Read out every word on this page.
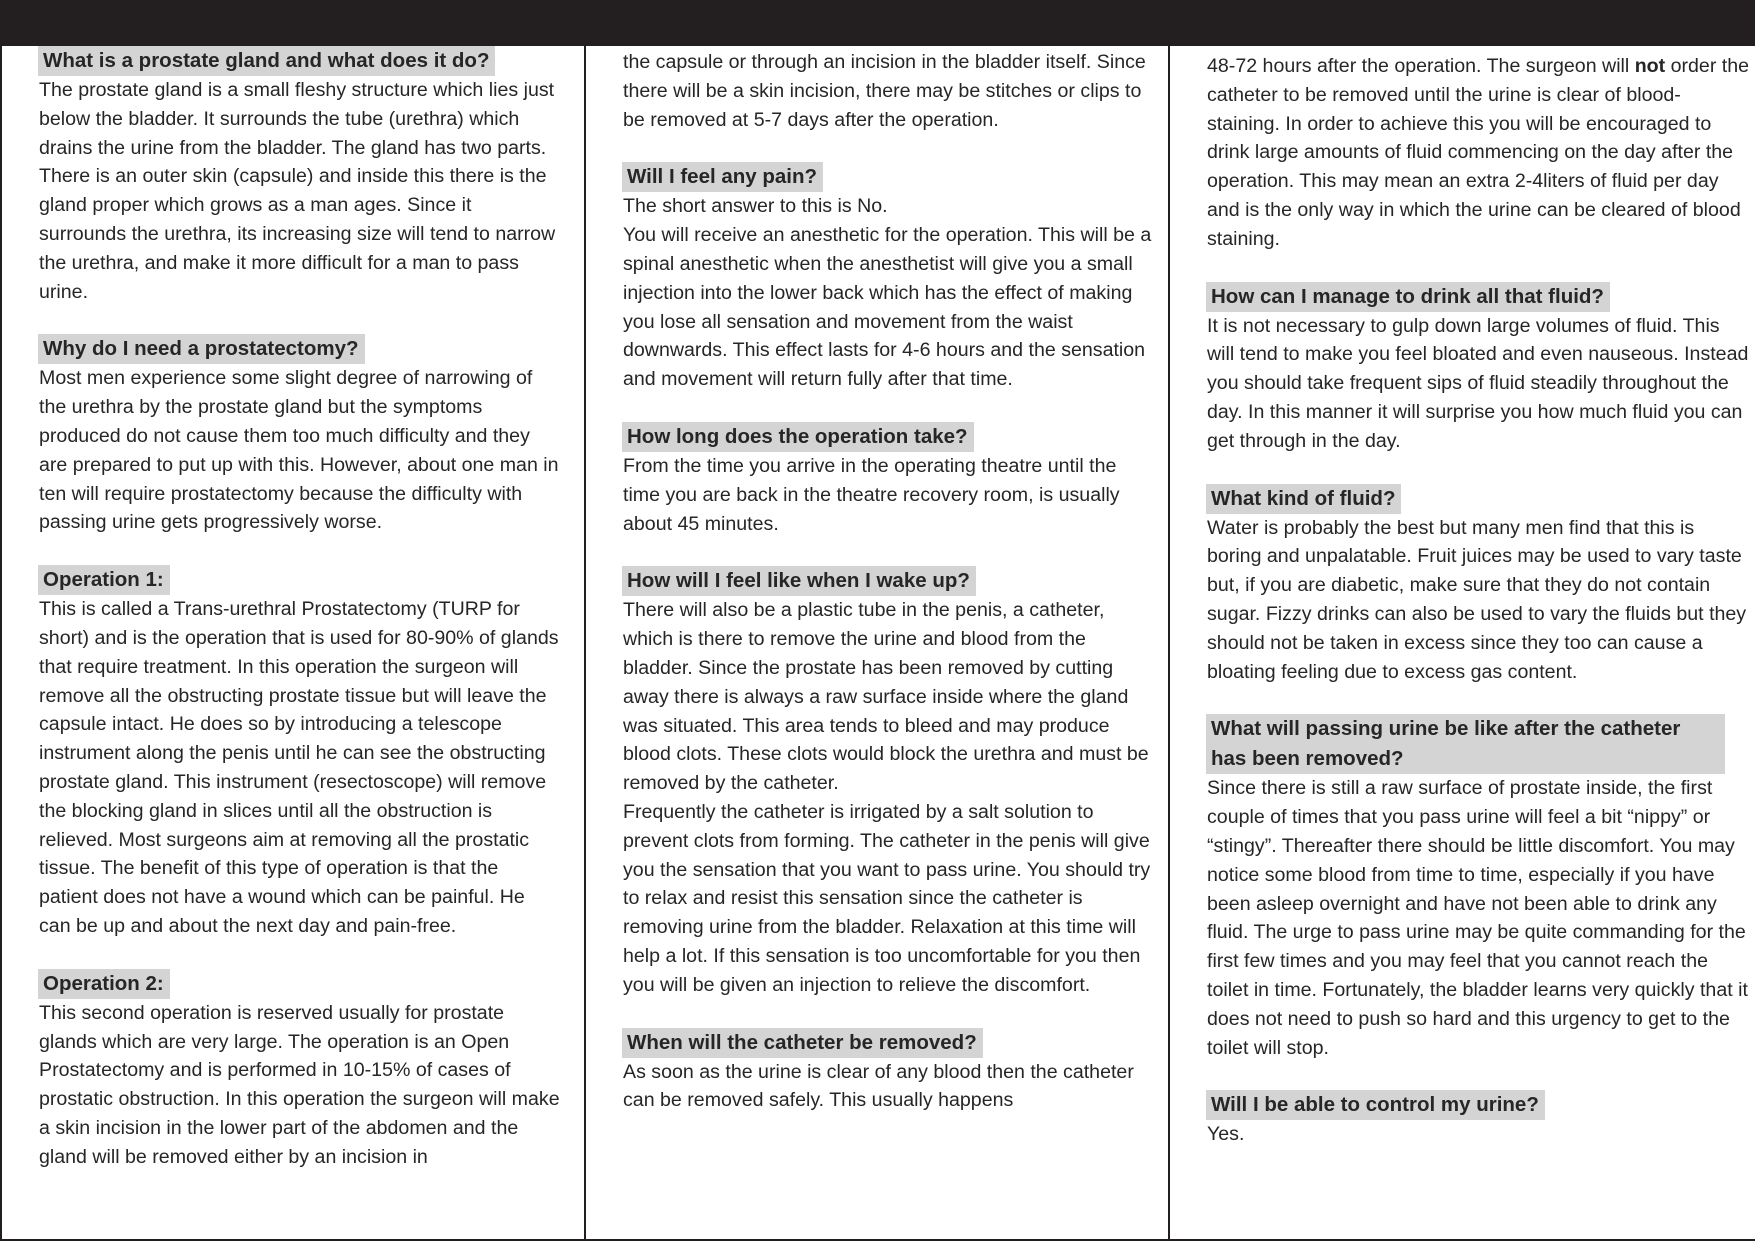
What is a prostate gland and what does it do?

The prostate gland is a small fleshy structure which lies just below the bladder. It surrounds the tube (urethra) which drains the urine from the bladder. The gland has two parts. There is an outer skin (capsule) and inside this there is the gland proper which grows as a man ages. Since it surrounds the urethra, its increasing size will tend to narrow the urethra, and make it more difficult for a man to pass urine.

Why do I need a prostatectomy?

Most men experience some slight degree of narrowing of the urethra by the prostate gland but the symptoms produced do not cause them too much difficulty and they are prepared to put up with this. However, about one man in ten will require prostatectomy because the difficulty with passing urine gets progressively worse.

Operation 1:

This is called a Trans-urethral Prostatectomy (TURP for short) and is the operation that is used for 80-90% of glands that require treatment. In this operation the surgeon will remove all the obstructing prostate tissue but will leave the capsule intact. He does so by introducing a telescope instrument along the penis until he can see the obstructing prostate gland. This instrument (resectoscope) will remove the blocking gland in slices until all the obstruction is relieved. Most surgeons aim at removing all the prostatic tissue. The benefit of this type of operation is that the patient does not have a wound which can be painful. He can be up and about the next day and pain-free.

Operation 2:

This second operation is reserved usually for prostate glands which are very large. The operation is an Open Prostatectomy and is performed in 10-15% of cases of prostatic obstruction. In this operation the surgeon will make a skin incision in the lower part of the abdomen and the gland will be removed either by an incision in

the capsule or through an incision in the bladder itself. Since there will be a skin incision, there may be stitches or clips to be removed at 5-7 days after the operation.

Will I feel any pain?

The short answer to this is No.

You will receive an anesthetic for the operation. This will be a spinal anesthetic when the anesthetist will give you a small injection into the lower back which has the effect of making you lose all sensation and movement from the waist downwards. This effect lasts for 4-6 hours and the sensation and movement will return fully after that time.

How long does the operation take?

From the time you arrive in the operating theatre until the time you are back in the theatre recovery room, is usually about 45 minutes.

How will I feel like when I wake up?

There will also be a plastic tube in the penis, a catheter, which is there to remove the urine and blood from the bladder. Since the prostate has been removed by cutting away there is always a raw surface inside where the gland was situated. This area tends to bleed and may produce blood clots. These clots would block the urethra and must be removed by the catheter.

Frequently the catheter is irrigated by a salt solution to prevent clots from forming. The catheter in the penis will give you the sensation that you want to pass urine. You should try to relax and resist this sensation since the catheter is removing urine from the bladder. Relaxation at this time will help a lot. If this sensation is too uncomfortable for you then you will be given an injection to relieve the discomfort.

When will the catheter be removed?

As soon as the urine is clear of any blood then the catheter can be removed safely. This usually happens

48-72 hours after the operation. The surgeon will not order the catheter to be removed until the urine is clear of blood-staining. In order to achieve this you will be encouraged to drink large amounts of fluid commencing on the day after the operation. This may mean an extra 2-4liters of fluid per day and is the only way in which the urine can be cleared of blood staining.

How can I manage to drink all that fluid?

It is not necessary to gulp down large volumes of fluid. This will tend to make you feel bloated and even nauseous. Instead you should take frequent sips of fluid steadily throughout the day. In this manner it will surprise you how much fluid you can get through in the day.

What kind of fluid?

Water is probably the best but many men find that this is boring and unpalatable. Fruit juices may be used to vary taste but, if you are diabetic, make sure that they do not contain sugar. Fizzy drinks can also be used to vary the fluids but they should not be taken in excess since they too can cause a bloating feeling due to excess gas content.

What will passing urine be like after the catheter has been removed?

Since there is still a raw surface of prostate inside, the first couple of times that you pass urine will feel a bit “nippy” or “stingy”. Thereafter there should be little discomfort. You may notice some blood from time to time, especially if you have been asleep overnight and have not been able to drink any fluid. The urge to pass urine may be quite commanding for the first few times and you may feel that you cannot reach the toilet in time. Fortunately, the bladder learns very quickly that it does not need to push so hard and this urgency to get to the toilet will stop.

Will I be able to control my urine?

Yes.
